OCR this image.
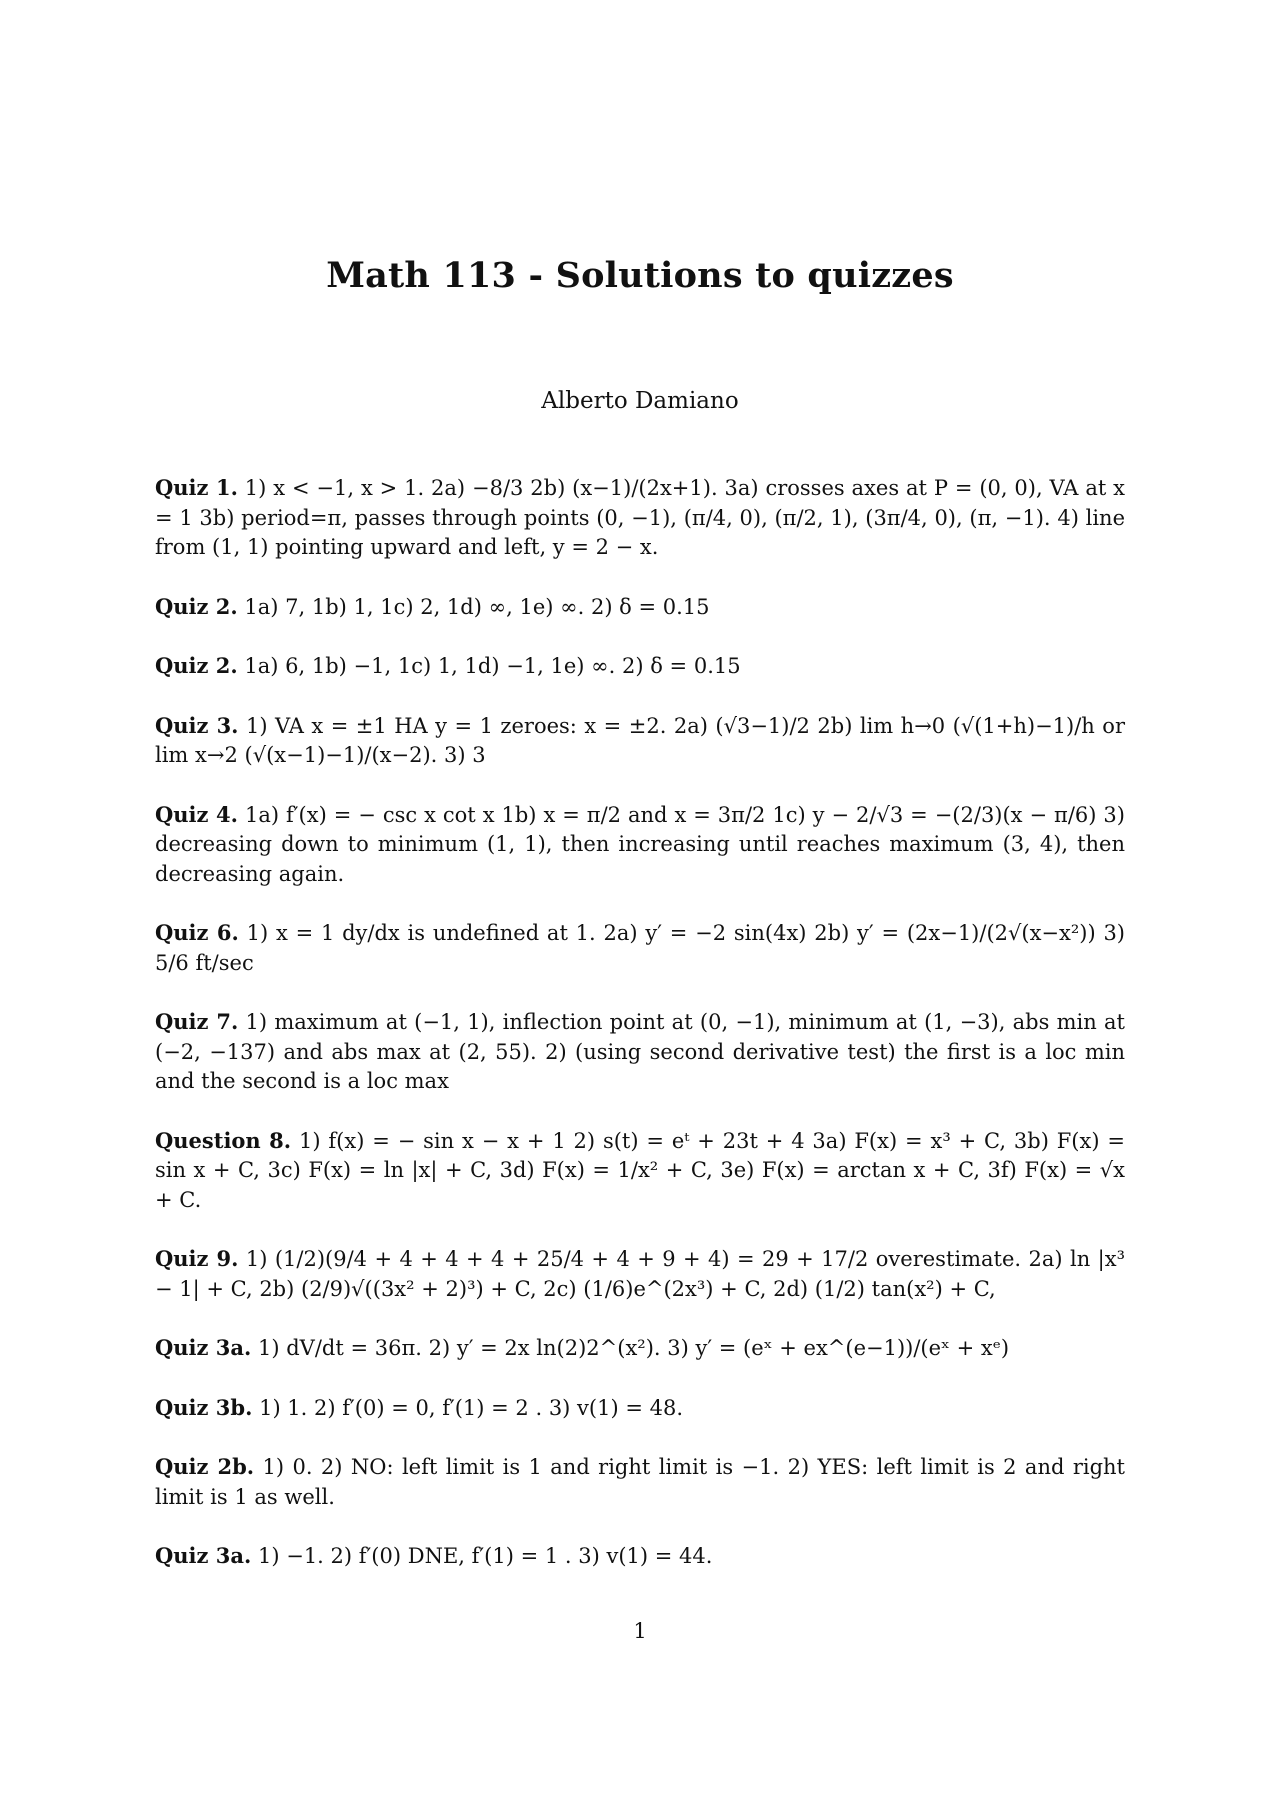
Math 113 - Solutions to quizzes
Alberto Damiano

Quiz 1. 1) x < −1, x > 1. 2a) −8/3 2b) (x−1)/(2x+1). 3a) crosses axes at P = (0, 0), VA at x = 1 3b) period=π, passes through points (0, −1), (π/4, 0), (π/2, 1), (3π/4, 0), (π, −1). 4) line from (1, 1) pointing upward and left, y = 2 − x.

Quiz 2. 1a) 7, 1b) 1, 1c) 2, 1d) ∞, 1e) ∞. 2) δ = 0.15

Quiz 2. 1a) 6, 1b) −1, 1c) 1, 1d) −1, 1e) ∞. 2) δ = 0.15

Quiz 3. 1) VA x = ±1 HA y = 1 zeroes: x = ±2. 2a) (√3−1)/2 2b) lim h→0 (√(1+h)−1)/h or lim x→2 (√(x−1)−1)/(x−2). 3) 3

Quiz 4. 1a) f′(x) = − csc x cot x 1b) x = π/2 and x = 3π/2 1c) y − 2/√3 = −(2/3)(x − π/6) 3) decreasing down to minimum (1, 1), then increasing until reaches maximum (3, 4), then decreasing again.

Quiz 6. 1) x = 1 dy/dx is undefined at 1. 2a) y′ = −2 sin(4x) 2b) y′ = (2x−1)/(2√(x−x²)) 3) 5/6 ft/sec

Quiz 7. 1) maximum at (−1, 1), inflection point at (0, −1), minimum at (1, −3), abs min at (−2, −137) and abs max at (2, 55). 2) (using second derivative test) the first is a loc min and the second is a loc max

Question 8. 1) f(x) = − sin x − x + 1 2) s(t) = eᵗ + 23t + 4 3a) F(x) = x³ + C, 3b) F(x) = sin x + C, 3c) F(x) = ln |x| + C, 3d) F(x) = 1/x² + C, 3e) F(x) = arctan x + C, 3f) F(x) = √x + C.

Quiz 9. 1) (1/2)(9/4 + 4 + 4 + 4 + 25/4 + 4 + 9 + 4) = 29 + 17/2 overestimate. 2a) ln |x³ − 1| + C, 2b) (2/9)√((3x² + 2)³) + C, 2c) (1/6)e^(2x³) + C, 2d) (1/2) tan(x²) + C,

Quiz 3a. 1) dV/dt = 36π. 2) y′ = 2x ln(2)2^(x²). 3) y′ = (eˣ + ex^(e−1))/(eˣ + xᵉ)

Quiz 3b. 1) 1. 2) f′(0) = 0, f′(1) = 2 . 3) v(1) = 48.

Quiz 2b. 1) 0. 2) NO: left limit is 1 and right limit is −1. 2) YES: left limit is 2 and right limit is 1 as well.

Quiz 3a. 1) −1. 2) f′(0) DNE, f′(1) = 1 . 3) v(1) = 44.

1
